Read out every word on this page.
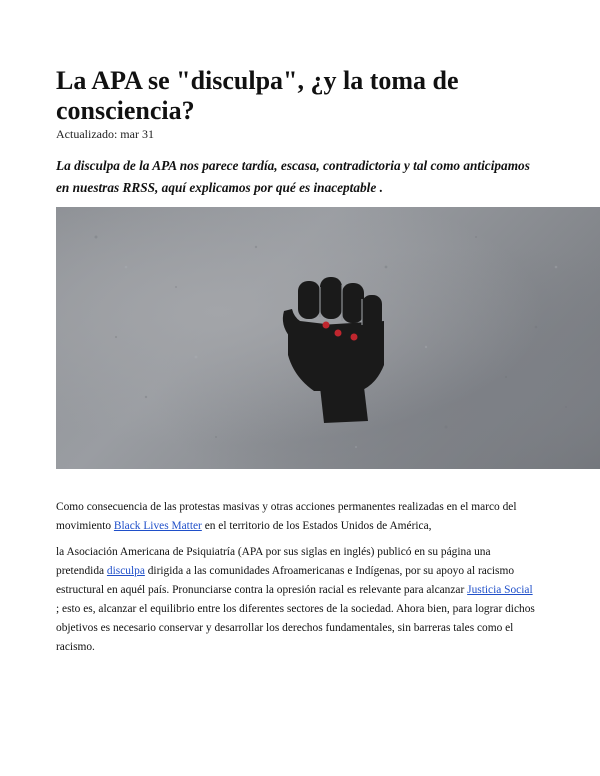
La APA se "disculpa", ¿y la toma de consciencia?
Actualizado: mar 31
La disculpa de la APA nos parece tardía, escasa, contradictoria y tal como anticipamos en nuestras RRSS, aquí explicamos por qué es inaceptable .
Como consecuencia de las protestas masivas y otras acciones permanentes realizadas en el marco del movimiento Black Lives Matter en el territorio de los Estados Unidos de América,
la Asociación Americana de Psiquiatría (APA por sus siglas en inglés) publicó en su página una pretendida disculpa dirigida a las comunidades Afroamericanas e Indígenas, por su apoyo al racismo estructural en aquél país. Pronunciarse contra la opresión racial es relevante para alcanzar Justicia Social ; esto es, alcanzar el equilibrio entre los diferentes sectores de la sociedad. Ahora bien, para lograr dichos objetivos es necesario conservar y desarrollar los derechos fundamentales, sin barreras tales como el racismo.
